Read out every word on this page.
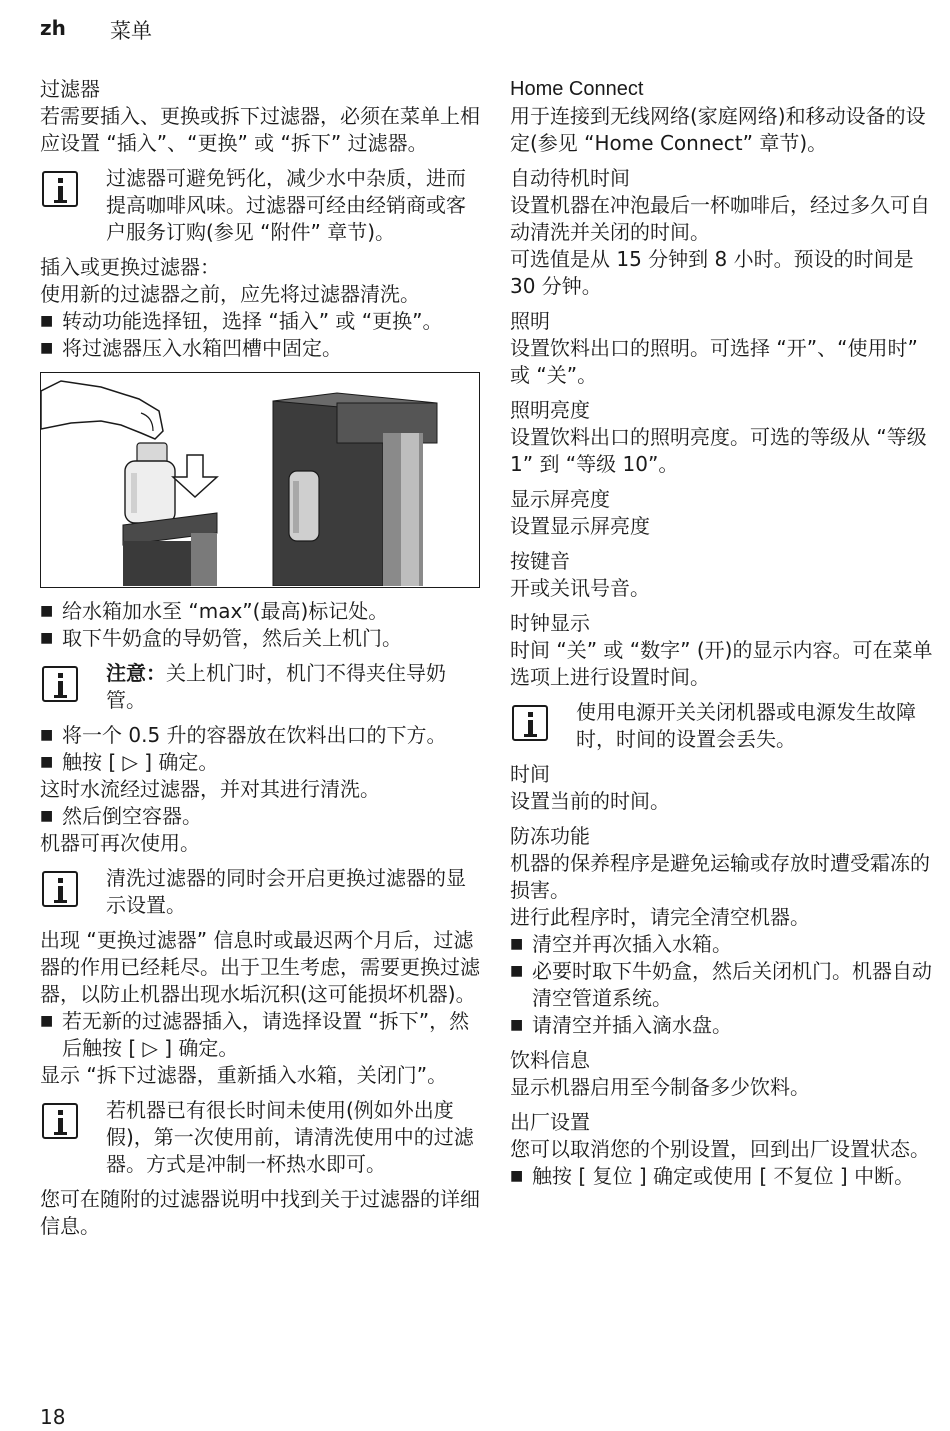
zh 菜单

过滤器

若需要插入、更换或拆下过滤器，必须在菜单上相应设置 “插入”、“更换” 或 “拆下” 过滤器。

过滤器可避免钙化，减少水中杂质，进而提高咖啡风味。过滤器可经由经销商或客户服务订购(参见 “附件” 章节)。

插入或更换过滤器：

使用新的过滤器之前，应先将过滤器清洗。

■ 转动功能选择钮，选择 “插入” 或 “更换”。
■ 将过滤器压入水箱凹槽中固定。
■ 给水箱加水至 “max”(最高)标记处。
■ 取下牛奶盒的导奶管，然后关上机门。
注意：关上机门时，机门不得夹住导奶管。
■ 将一个 0.5 升的容器放在饮料出口的下方。
■ 触按 [ ▷ ] 确定。

这时水流经过滤器，并对其进行清洗。

■ 然后倒空容器。

机器可再次使用。

清洗过滤器的同时会开启更换过滤器的显示设置。

出现 “更换过滤器” 信息时或最迟两个月后，过滤器的作用已经耗尽。出于卫生考虑，需要更换过滤器，以防止机器出现水垢沉积(这可能损坏机器)。

■ 若无新的过滤器插入，请选择设置 “拆下”，然后触按 [ ▷ ] 确定。

显示 “拆下过滤器，重新插入水箱，关闭门”。

若机器已有很长时间未使用(例如外出度假)，第一次使用前，请清洗使用中的过滤器。方式是冲制一杯热水即可。

您可在随附的过滤器说明中找到关于过滤器的详细信息。

Home Connect

用于连接到无线网络(家庭网络)和移动设备的设定(参见 “Home Connect” 章节)。

自动待机时间

设置机器在冲泡最后一杯咖啡后，经过多久可自动清洗并关闭的时间。

可选值是从 15 分钟到 8 小时。预设的时间是 30 分钟。

照明

设置饮料出口的照明。可选择 “开”、“使用时” 或 “关”。

照明亮度

设置饮料出口的照明亮度。可选的等级从 “等级 1” 到 “等级 10”。

显示屏亮度

设置显示屏亮度

按键音

开或关讯号音。

时钟显示

时间 “关” 或 “数字” (开)的显示内容。可在菜单选项上进行设置时间。

使用电源开关关闭机器或电源发生故障时，时间的设置会丢失。

时间

设置当前的时间。

防冻功能

机器的保养程序是避免运输或存放时遭受霜冻的损害。

进行此程序时，请完全清空机器。

■ 清空并再次插入水箱。
■ 必要时取下牛奶盒，然后关闭机门。机器自动清空管道系统。
■ 请清空并插入滴水盘。

饮料信息

显示机器启用至今制备多少饮料。

出厂设置

您可以取消您的个别设置，回到出厂设置状态。

■ 触按 [ 复位 ] 确定或使用 [ 不复位 ] 中断。
18
